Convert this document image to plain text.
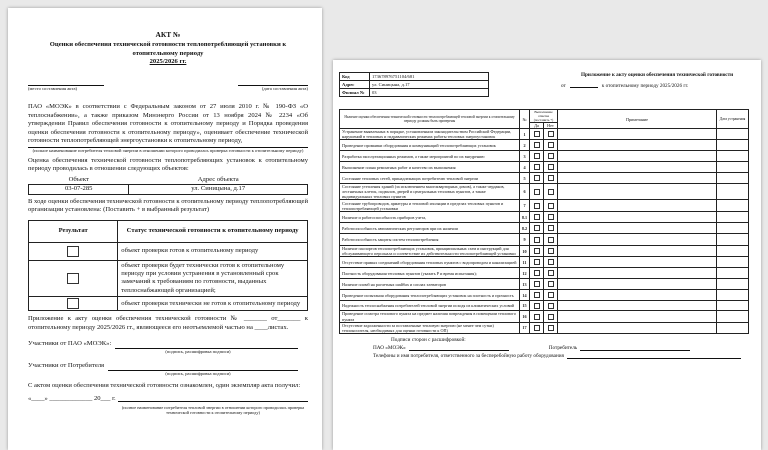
АКТ №
Оценки обеспечения технической готовности теплопотребляющей установки к отопительному периоду
2025/2026 гг.
(место составления акта)	(дата составления акта)

ПАО «МОЭК» в соответствии с Федеральным законом от 27 июля 2010 г. № 190-ФЗ «О теплоснабжении», а также приказом Минэнерго России от 13 ноября 2024 № 2234 «Об утверждении Правил обеспечения готовности к отопительному периоду и Порядка проведения оценки обеспечения готовности к отопительному периоду», оценивает обеспечение технической готовности теплопотребляющей энергоустановки к отопительному периоду,

(полное наименование потребителя тепловой энергии в отношении которого проводилась проверка готовности к отопительному периоду)

Оценка обеспечения технической готовности теплопотребляющих установок к отопительному периоду проводилась в отношении следующих объектов:

Объект	Адрес объекта
03-07-285	ул. Синицына, д.17

В ходе оценки обеспечения технической готовности к отопительному периоду теплопотребляющей организации установлена: (Поставить + в выбранный результат)

Результат	Статус технической готовности к отопительному периоду

	объект проверки готов к отопительному периоду

	объект проверки будет технически готов к отопительному периоду при условии устранения в установленный срок замечаний к требованиям по готовности, выданных теплоснабжающей организацией;

	объект проверки технически не готов к отопительному периоду

Приложение к акту оценки обеспечения технической готовности № _______ от_______ к отопительному периоду 2025/2026 гг., являющееся его неотъемлемой частью на ____листах.

Участники от ПАО «МОЭК»:
(подпись, расшифровка подписи)
Участники от Потребителя
(подпись, расшифровка подписи)

С актом оценки обеспечения технической готовности ознакомлен, один экземпляр акта получил:

«____» _____________ 20___ г.
(полное наименование потребителя тепловой энергии в отношении которого проводилась проверка технической готовности к отопительному периоду)
Код	173678976751104/681
Адрес	ул. Синицына, д.17
Филиал №	03
Приложение к акту оценки обеспечения технической готовности
от	к отопительному периоду 2025/2026 гг.
Наличие оценки обеспечения технической готовности теплопотребляющей тепловой энергии к отопительному периоду должны быть проверены	№	Выполнение отметка (поставить +)		Примечание	Дата устранения
		Да	Нет		
Устранение выявленных в порядке, установленном законодательством Российской Федерации, нарушений в тепловых и гидравлических режимах работы тепловых энергоустановок	1	

Проведение промывки оборудования и коммуникаций теплопотребляющих установок	2	

Разработка эксплуатационных режимов, а также мероприятий по их внедрению	3	

Выполнение плана ремонтных работ и качество их выполнения	4	

Состояние тепловых сетей, принадлежащих потребителю тепловой энергии	5	

Состояние утепления зданий (за исключением многоквартирных домов), а также чердаков, лестничных клеток, подвалов, дверей и центральных тепловых пунктов, а также индивидуальных тепловых пунктов	6	

Состояние трубопроводов, арматуры и тепловой изоляции в пределах тепловых пунктов и теплопотребляющей установки	7	

Наличие и работоспособность приборов учета,	8.1	

Работоспособность автоматических регуляторов при их наличии	8.2	

Работоспособность защиты систем теплопотребления	9	

Наличие паспортов теплопотребляющих установок, принципиальных схем и инструкций для обслуживающего персонала и соответствие их действительности теплопотребляющей установки	10	

Отсутствие прямых соединений оборудования тепловых пунктов с водопроводом и канализацией	11	

Плотность оборудования тепловых пунктов (указать Р и время испытания);	12	

Наличие пломб на расчетных шайбах и соплах элеваторов	13	

Проведение испытания оборудования теплопотребляющих установок на плотность и прочность	14	

Надежность теплоснабжения потребителей тепловой энергии исходя из климатических условий	15	

Проведение осмотра теплового пункта на предмет наличия повреждения в помещении теплового пункта	16	

Отсутствие задолженности за поставленные тепловую энергию (не менее чем сутки) теплоносителя, необходимых для оценки готовности к ОП)	17	

Подписи сторон с расшифровкой:
ПАО «МОЭК»	Потребитель
Телефоны и имя потребителя, ответственного за бесперебойную работу оборудования
